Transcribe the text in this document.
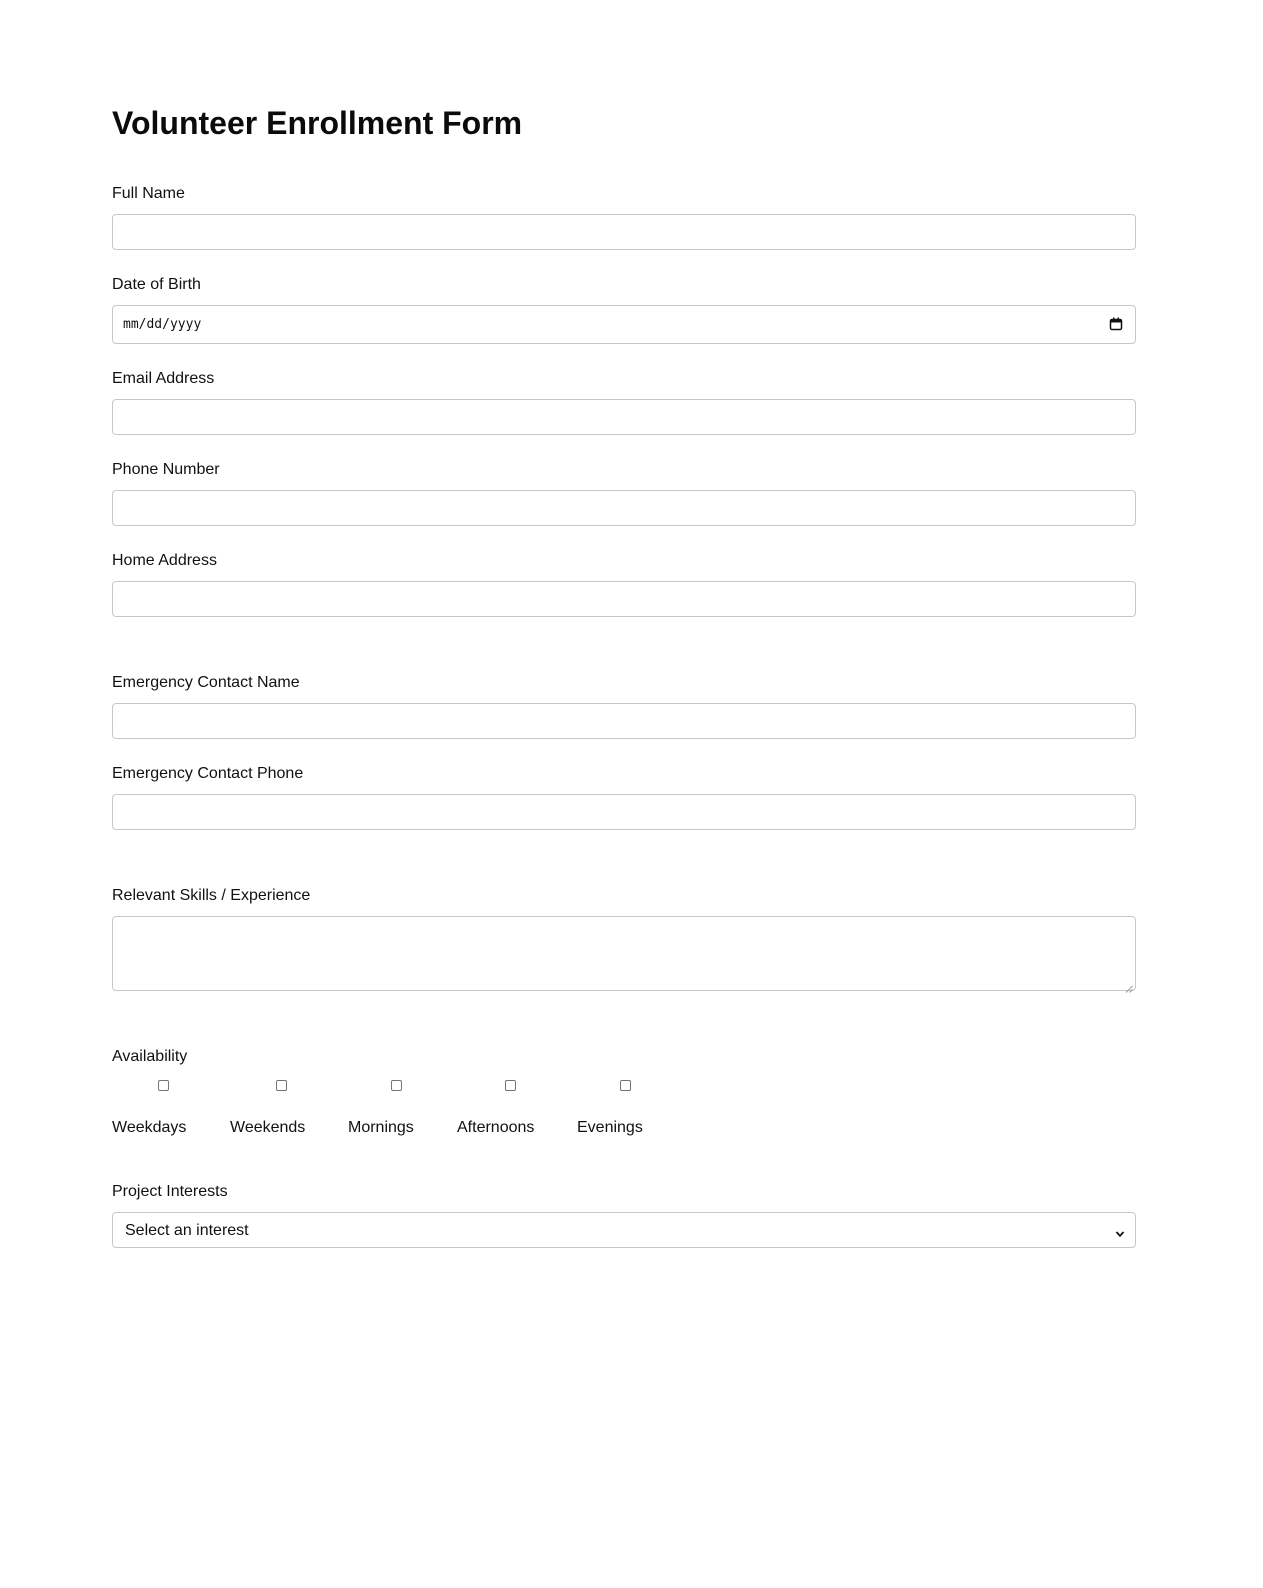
Volunteer Enrollment Form
Full Name
Date of Birth
mm/dd/yyyy
Email Address
Phone Number
Home Address
Emergency Contact Name
Emergency Contact Phone
Relevant Skills / Experience
Availability
Weekdays	Weekends	Mornings	Afternoons	Evenings
Project Interests
Select an interest
